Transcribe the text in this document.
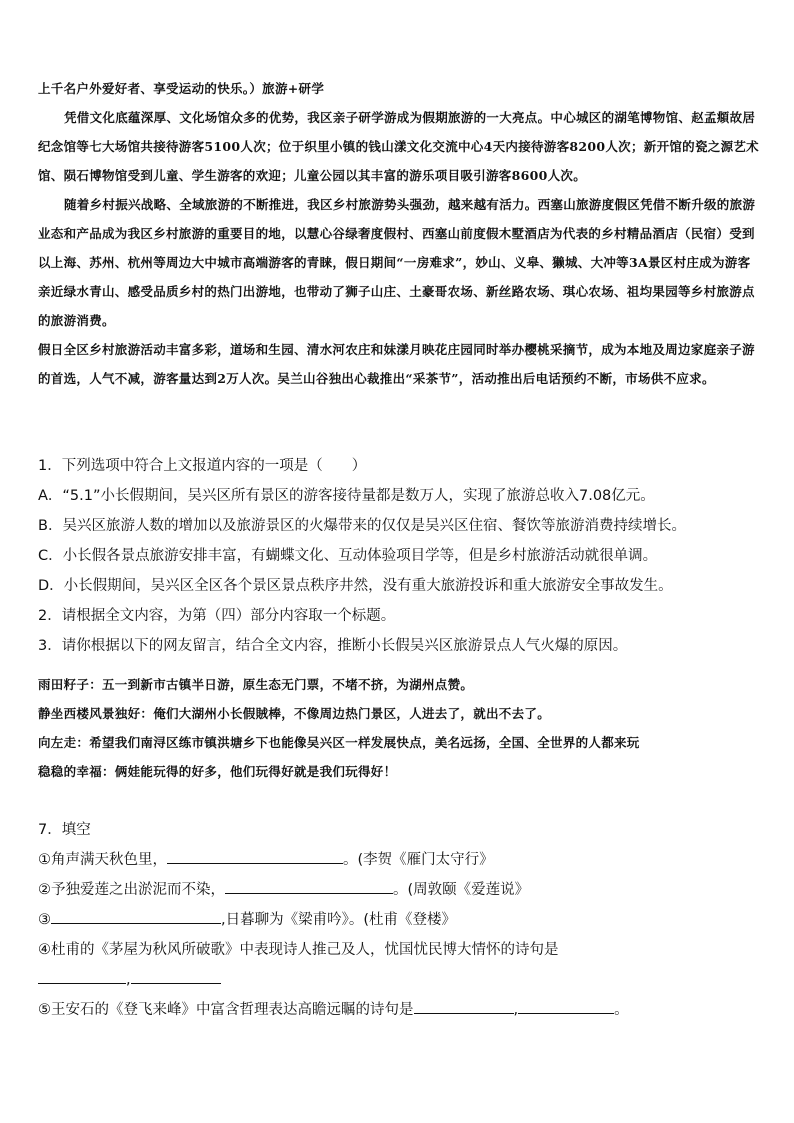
上千名户外爱好者、享受运动的快乐。）旅游+研学

凭借文化底蕴深厚、文化场馆众多的优势，我区亲子研学游成为假期旅游的一大亮点。中心城区的湖笔博物馆、赵孟頫故居纪念馆等七大场馆共接待游客5100人次；位于织里小镇的钱山漾文化交流中心4天内接待游客8200人次；新开馆的瓷之源艺术馆、陨石博物馆受到儿童、学生游客的欢迎；儿童公园以其丰富的游乐项目吸引游客8600人次。

随着乡村振兴战略、全域旅游的不断推进，我区乡村旅游势头强劲，越来越有活力。西塞山旅游度假区凭借不断升级的旅游业态和产品成为我区乡村旅游的重要目的地，以慧心谷绿奢度假村、西塞山前度假木墅酒店为代表的乡村精品酒店（民宿）受到以上海、苏州、杭州等周边大中城市高端游客的青睐，假日期间“一房难求”，妙山、义皋、獭城、大冲等3A景区村庄成为游客亲近绿水青山、感受品质乡村的热门出游地，也带动了狮子山庄、土豪哥农场、新丝路农场、琪心农场、祖均果园等乡村旅游点的旅游消费。

假日全区乡村旅游活动丰富多彩，道场和生园、清水河农庄和妹漾月映花庄园同时举办樱桃采摘节，成为本地及周边家庭亲子游的首选，人气不减，游客量达到2万人次。吴兰山谷独出心裁推出“采茶节”，活动推出后电话预约不断，市场供不应求。

1．下列选项中符合上文报道内容的一项是（　　）

A．“5.1”小长假期间，吴兴区所有景区的游客接待量都是数万人，实现了旅游总收入7.08亿元。

B．吴兴区旅游人数的增加以及旅游景区的火爆带来的仅仅是吴兴区住宿、餐饮等旅游消费持续增长。

C．小长假各景点旅游安排丰富，有蝴蝶文化、互动体验项目学等，但是乡村旅游活动就很单调。

D．小长假期间，吴兴区全区各个景区景点秩序井然，没有重大旅游投诉和重大旅游安全事故发生。

2．请根据全文内容，为第（四）部分内容取一个标题。

3．请你根据以下的网友留言，结合全文内容，推断小长假吴兴区旅游景点人气火爆的原因。

雨田籽子：五一到新市古镇半日游，原生态无门票，不堵不挤，为湖州点赞。

静坐西楼风景独好：俺们大湖州小长假賊棒，不像周边热门景区，人进去了，就出不去了。

向左走：希望我们南浔区练市镇洪塘乡下也能像吴兴区一样发展快点，美名远扬，全国、全世界的人都来玩

稳稳的幸福：俩娃能玩得的好多，他们玩得好就是我们玩得好！

7．填空

①角声满天秋色里，	。(李贺《雁门太守行》

②予独爱莲之出淤泥而不染，	。(周敦颐《爱莲说》

③	,日暮聊为《梁甫吟》。(杜甫《登楼》

④杜甫的《茅屋为秋风所破歌》中表现诗人推己及人，忧国忧民博大情怀的诗句是

,

⑤王安石的《登飞来峰》中富含哲理表达高瞻远瞩的诗句是	,	。
